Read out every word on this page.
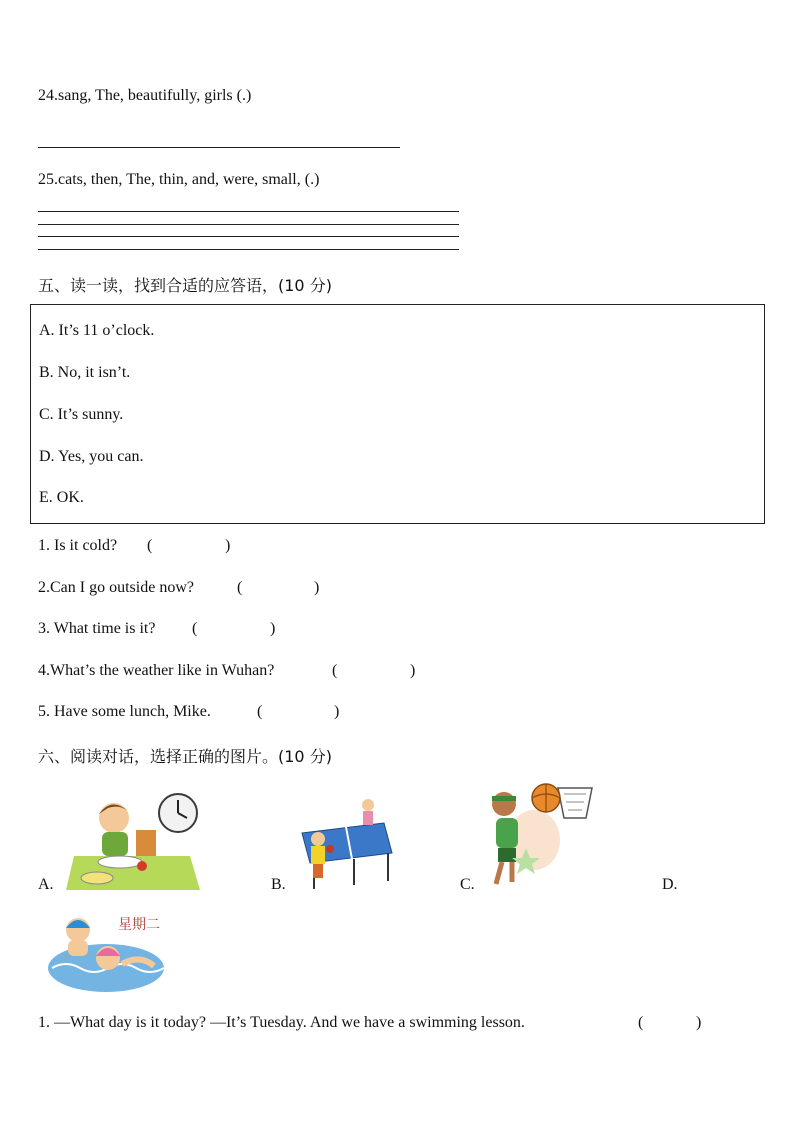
24.sang, The, beautifully, girls (.)
25.cats, then, The, thin, and, were, small, (.)
五、读一读，找到合适的应答语，(10 分)
A. It’s 11 o’clock.
B. No, it isn’t.
C. It’s sunny.
D. Yes, you can.
E. OK.
1. Is it cold? (	)
2.Can I go outside now?	(	)
3. What time is it? (	)
4.What’s the weather like in Wuhan?	(	)
5. Have some lunch, Mike.	(	)
六、阅读对话，选择正确的图片。(10 分)
A.	B.	C.	D.
星期二
1. —What day is it today? —It’s Tuesday. And we have a swimming lesson.	(	)
